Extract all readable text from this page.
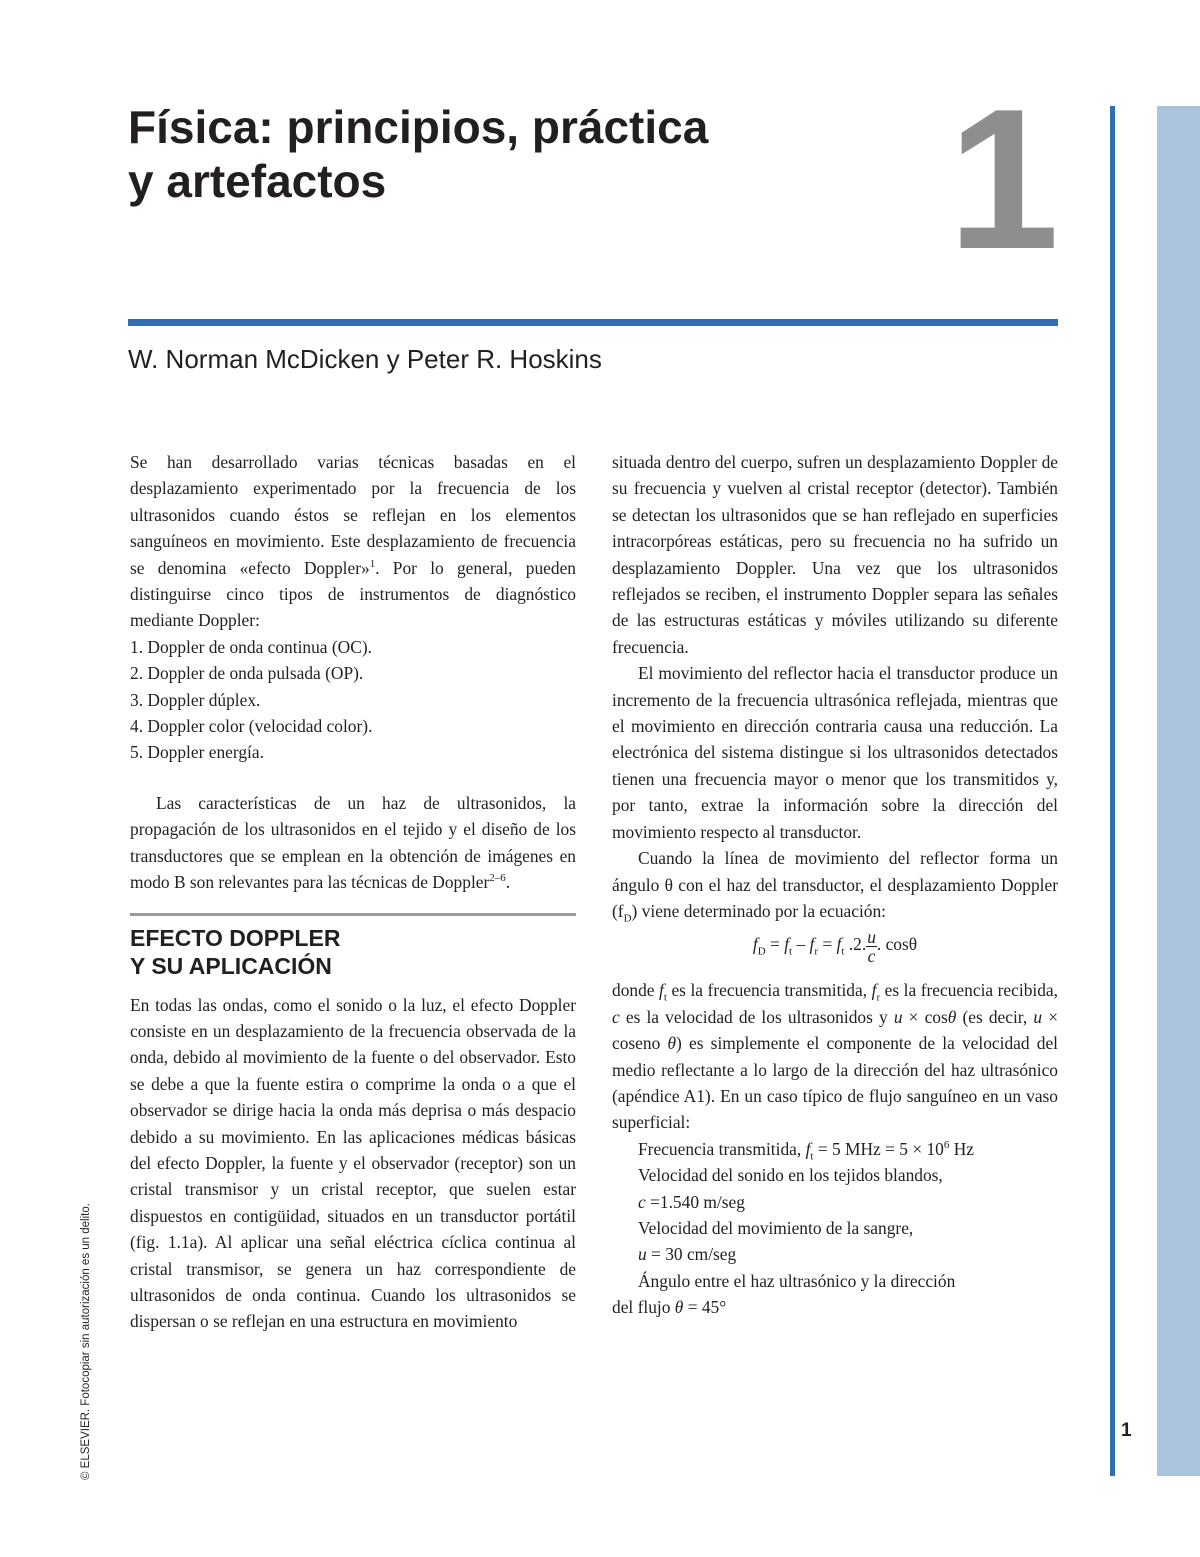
Física: principios, práctica
y artefactos	1
W. Norman McDicken y Peter R. Hoskins
© ELSEVIER. Fotocopiar sin autorización es un delito.

Se han desarrollado varias técnicas basadas en el desplazamiento experimentado por la frecuencia de los ultrasonidos cuando éstos se reflejan en los elementos sanguíneos en movimiento. Este desplazamiento de frecuencia se denomina «efecto Doppler»$^1$. Por lo general, pueden distinguirse cinco tipos de instrumentos de diagnóstico mediante Doppler:

1. Doppler de onda continua (OC).
2. Doppler de onda pulsada (OP).
3. Doppler dúplex.
4. Doppler color (velocidad color).
5. Doppler energía.

Las características de un haz de ultrasonidos, la propagación de los ultrasonidos en el tejido y el diseño de los transductores que se emplean en la obtención de imágenes en modo B son relevantes para las técnicas de Doppler$^{2-6}$.

EFECTO DOPPLER
Y SU APLICACIÓN

En todas las ondas, como el sonido o la luz, el efecto Doppler consiste en un desplazamiento de la frecuencia observada de la onda, debido al movimiento de la fuente o del observador. Esto se debe a que la fuente estira o comprime la onda o a que el observador se dirige hacia la onda más deprisa o más despacio debido a su movimiento. En las aplicaciones médicas básicas del efecto Doppler, la fuente y el observador (receptor) son un cristal transmisor y un cristal receptor, que suelen estar dispuestos en contigüidad, situados en un transductor portátil (fig. 1.1a). Al aplicar una señal eléctrica cíclica continua al cristal transmisor, se genera un haz correspondiente de ultrasonidos de onda continua. Cuando los ultrasonidos se dispersan o se reflejan en una estructura en movimiento

situada dentro del cuerpo, sufren un desplazamiento Doppler de su frecuencia y vuelven al cristal receptor (detector). También se detectan los ultrasonidos que se han reflejado en superficies intracorpóreas estáticas, pero su frecuencia no ha sufrido un desplazamiento Doppler. Una vez que los ultrasonidos reflejados se reciben, el instrumento Doppler separa las señales de las estructuras estáticas y móviles utilizando su diferente frecuencia.

El movimiento del reflector hacia el transductor produce un incremento de la frecuencia ultrasónica reflejada, mientras que el movimiento en dirección contraria causa una reducción. La electrónica del sistema distingue si los ultrasonidos detectados tienen una frecuencia mayor o menor que los transmitidos y, por tanto, extrae la información sobre la dirección del movimiento respecto al transductor.

Cuando la línea de movimiento del reflector forma un ángulo θ con el haz del transductor, el desplazamiento Doppler $(f_D)$ viene determinado por la ecuación:

$f_D = f_t - f_r = f_t$ .2. $\frac{u}{c}$ . cosθ

donde $f_t$ es la frecuencia transmitida, $f_r$ es la frecuencia recibida, c es la velocidad de los ultrasonidos y u × cosθ (es decir, u × coseno θ) es simplemente el componente de la velocidad del medio reflectante a lo largo de la dirección del haz ultrasónico (apéndice A1). En un caso típico de flujo sanguíneo en un vaso superficial:

Frecuencia transmitida, $f_t = 5$ MHz = $5 \times 10^6$ Hz

Velocidad del sonido en los tejidos blandos,

c =1.540 m/seg

Velocidad del movimiento de la sangre,

u = 30 cm/seg

Ángulo entre el haz ultrasónico y la dirección

del flujo θ = 45°

1
